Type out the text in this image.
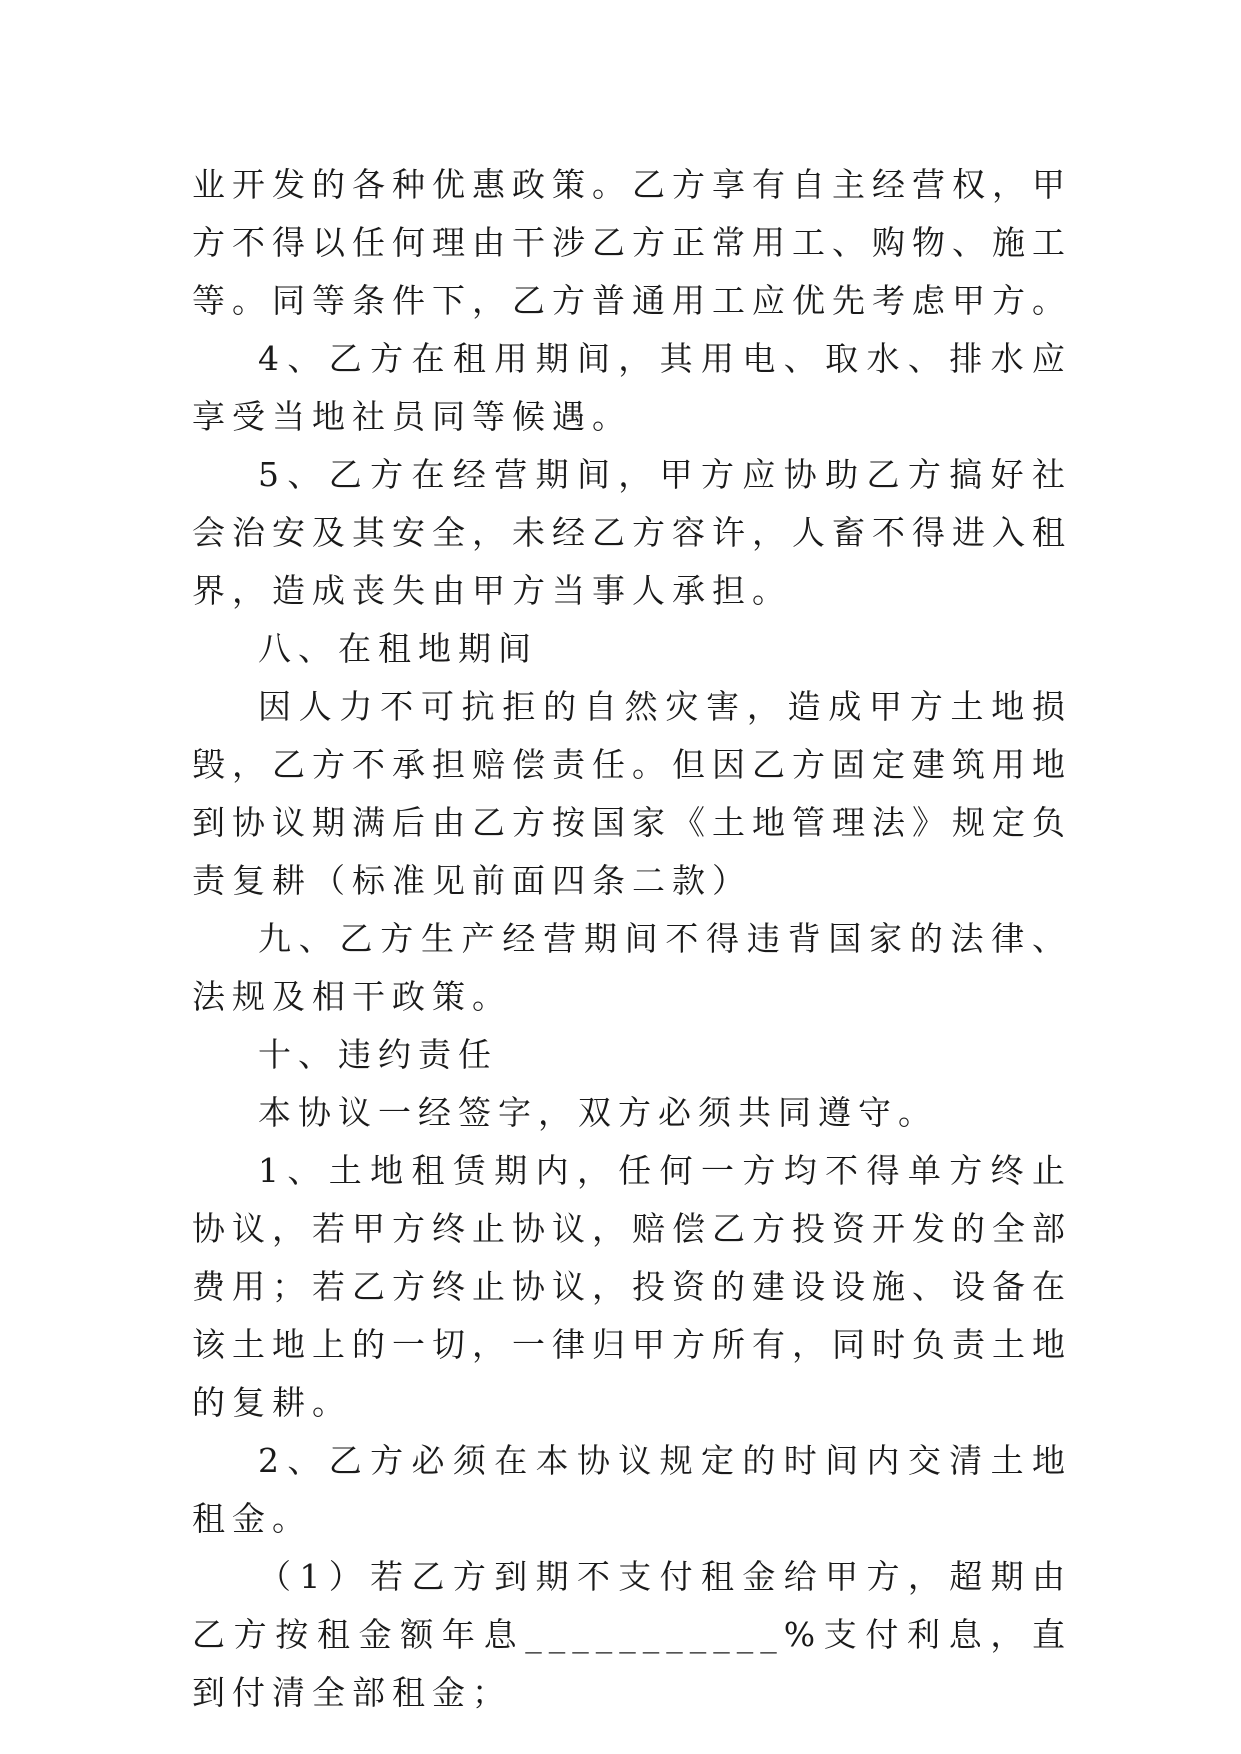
业开发的各种优惠政策。乙方享有自主经营权，甲方不得以任何理由干涉乙方正常用工、购物、施工等。同等条件下，乙方普通用工应优先考虑甲方。

4、乙方在租用期间，其用电、取水、排水应享受当地社员同等候遇。

5、乙方在经营期间，甲方应协助乙方搞好社会治安及其安全，未经乙方容许，人畜不得进入租界，造成丧失由甲方当事人承担。

八、在租地期间

因人力不可抗拒的自然灾害，造成甲方土地损毁，乙方不承担赔偿责任。但因乙方固定建筑用地到协议期满后由乙方按国家《土地管理法》规定负责复耕（标准见前面四条二款）

九、乙方生产经营期间不得违背国家的法律、法规及相干政策。

十、违约责任

本协议一经签字，双方必须共同遵守。

1、土地租赁期内，任何一方均不得单方终止协议，若甲方终止协议，赔偿乙方投资开发的全部费用；若乙方终止协议，投资的建设设施、设备在该土地上的一切，一律归甲方所有，同时负责土地的复耕。

2、乙方必须在本协议规定的时间内交清土地租金。

（1）若乙方到期不支付租金给甲方，超期由乙方按租金额年息___________%支付利息，直到付清全部租金；
